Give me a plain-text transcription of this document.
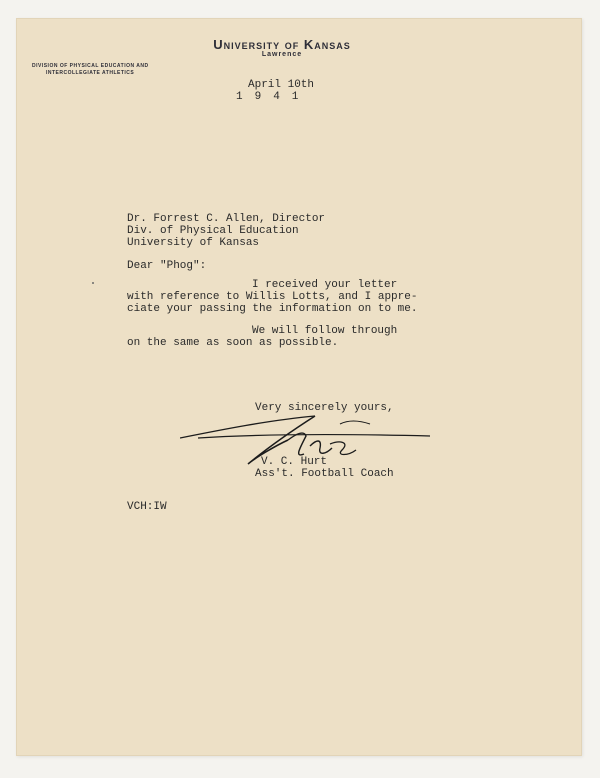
University of Kansas
Lawrence
DIVISION OF PHYSICAL EDUCATION AND
INTERCOLLEGIATE ATHLETICS
April 10th
1941
Dr. Forrest C. Allen, Director
Div. of Physical Education
University of Kansas
Dear "Phog":
I received your letter
with reference to Willis Lotts, and I appre-
ciate your passing the information on to me.
We will follow through
on the same as soon as possible.
Very sincerely yours,
V. C. Hurt
Ass't. Football Coach
VCH:IW
